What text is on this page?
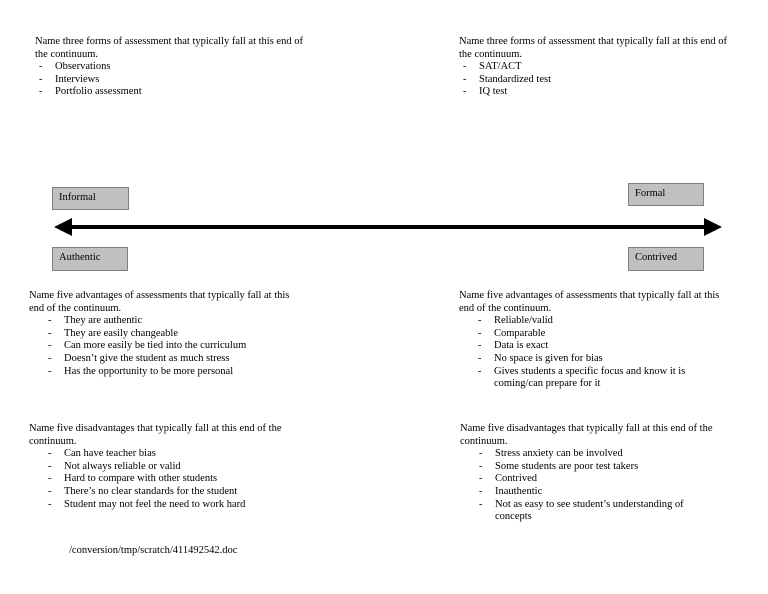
Name three forms of assessment that typically fall at this end of the continuum.

- Observations
- Interviews
- Portfolio assessment

Name three forms of assessment that typically fall at this end of the continuum.

- SAT/ACT
- Standardized test
- IQ test
Informal	Formal
Authentic	Contrived

Name five advantages of assessments that typically fall at this end of the continuum.

- They are authentic
- They are easily changeable
- Can more easily be tied into the curriculum
- Doesn’t give the student as much stress
- Has the opportunity to be more personal

Name five advantages of assessments that typically fall at this end of the continuum.

- Reliable/valid
- Comparable
- Data is exact
- No space is given for bias
- Gives students a specific focus and know it is coming/can prepare for it

Name five disadvantages that typically fall at this end of the continuum.

- Can have teacher bias
- Not always reliable or valid
- Hard to compare with other students
- There’s no clear standards for the student
- Student may not feel the need to work hard

Name five disadvantages that typically fall at this end of the continuum.

- Stress anxiety can be involved
- Some students are poor test takers
- Contrived
- Inauthentic
- Not as easy to see student’s understanding of concepts
/conversion/tmp/scratch/411492542.doc
